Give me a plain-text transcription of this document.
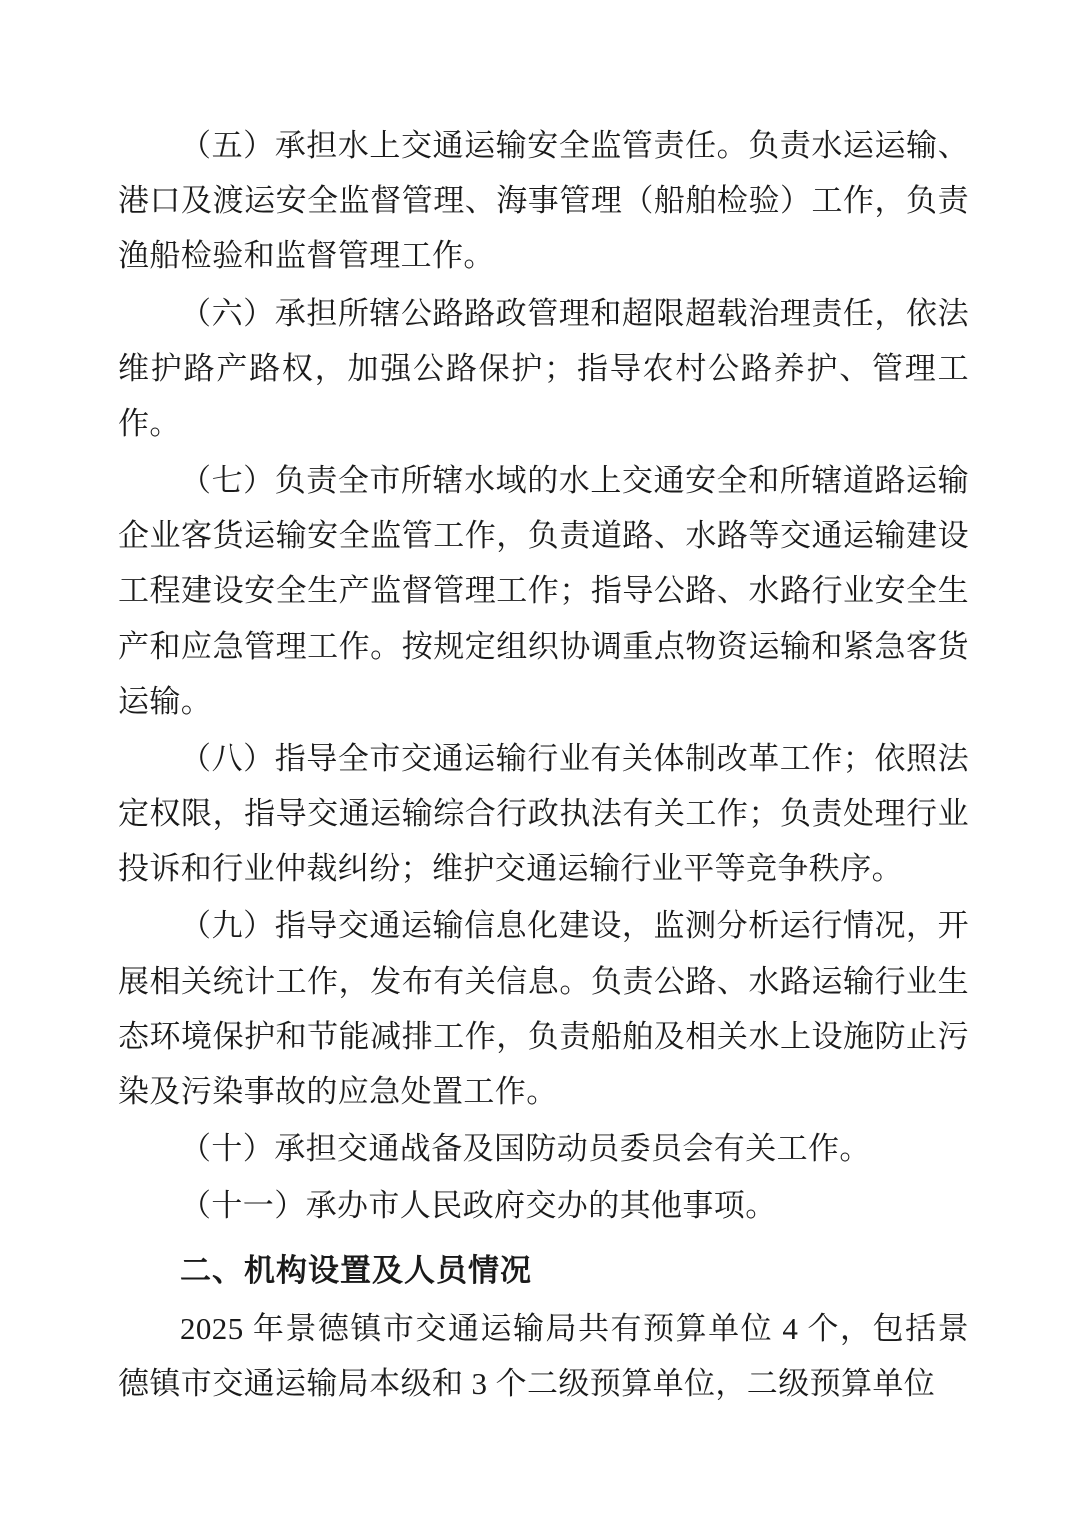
（五）承担水上交通运输安全监管责任。负责水运运输、港口及渡运安全监督管理、海事管理（船舶检验）工作，负责渔船检验和监督管理工作。

（六）承担所辖公路路政管理和超限超载治理责任，依法维护路产路权，加强公路保护；指导农村公路养护、管理工作。

（七）负责全市所辖水域的水上交通安全和所辖道路运输企业客货运输安全监管工作，负责道路、水路等交通运输建设工程建设安全生产监督管理工作；指导公路、水路行业安全生产和应急管理工作。按规定组织协调重点物资运输和紧急客货运输。

（八）指导全市交通运输行业有关体制改革工作；依照法定权限，指导交通运输综合行政执法有关工作；负责处理行业投诉和行业仲裁纠纷；维护交通运输行业平等竞争秩序。

（九）指导交通运输信息化建设，监测分析运行情况，开展相关统计工作，发布有关信息。负责公路、水路运输行业生态环境保护和节能减排工作，负责船舶及相关水上设施防止污染及污染事故的应急处置工作。

（十）承担交通战备及国防动员委员会有关工作。

（十一）承办市人民政府交办的其他事项。

二、机构设置及人员情况

2025 年景德镇市交通运输局共有预算单位 4 个，包括景德镇市交通运输局本级和 3 个二级预算单位，二级预算单位
